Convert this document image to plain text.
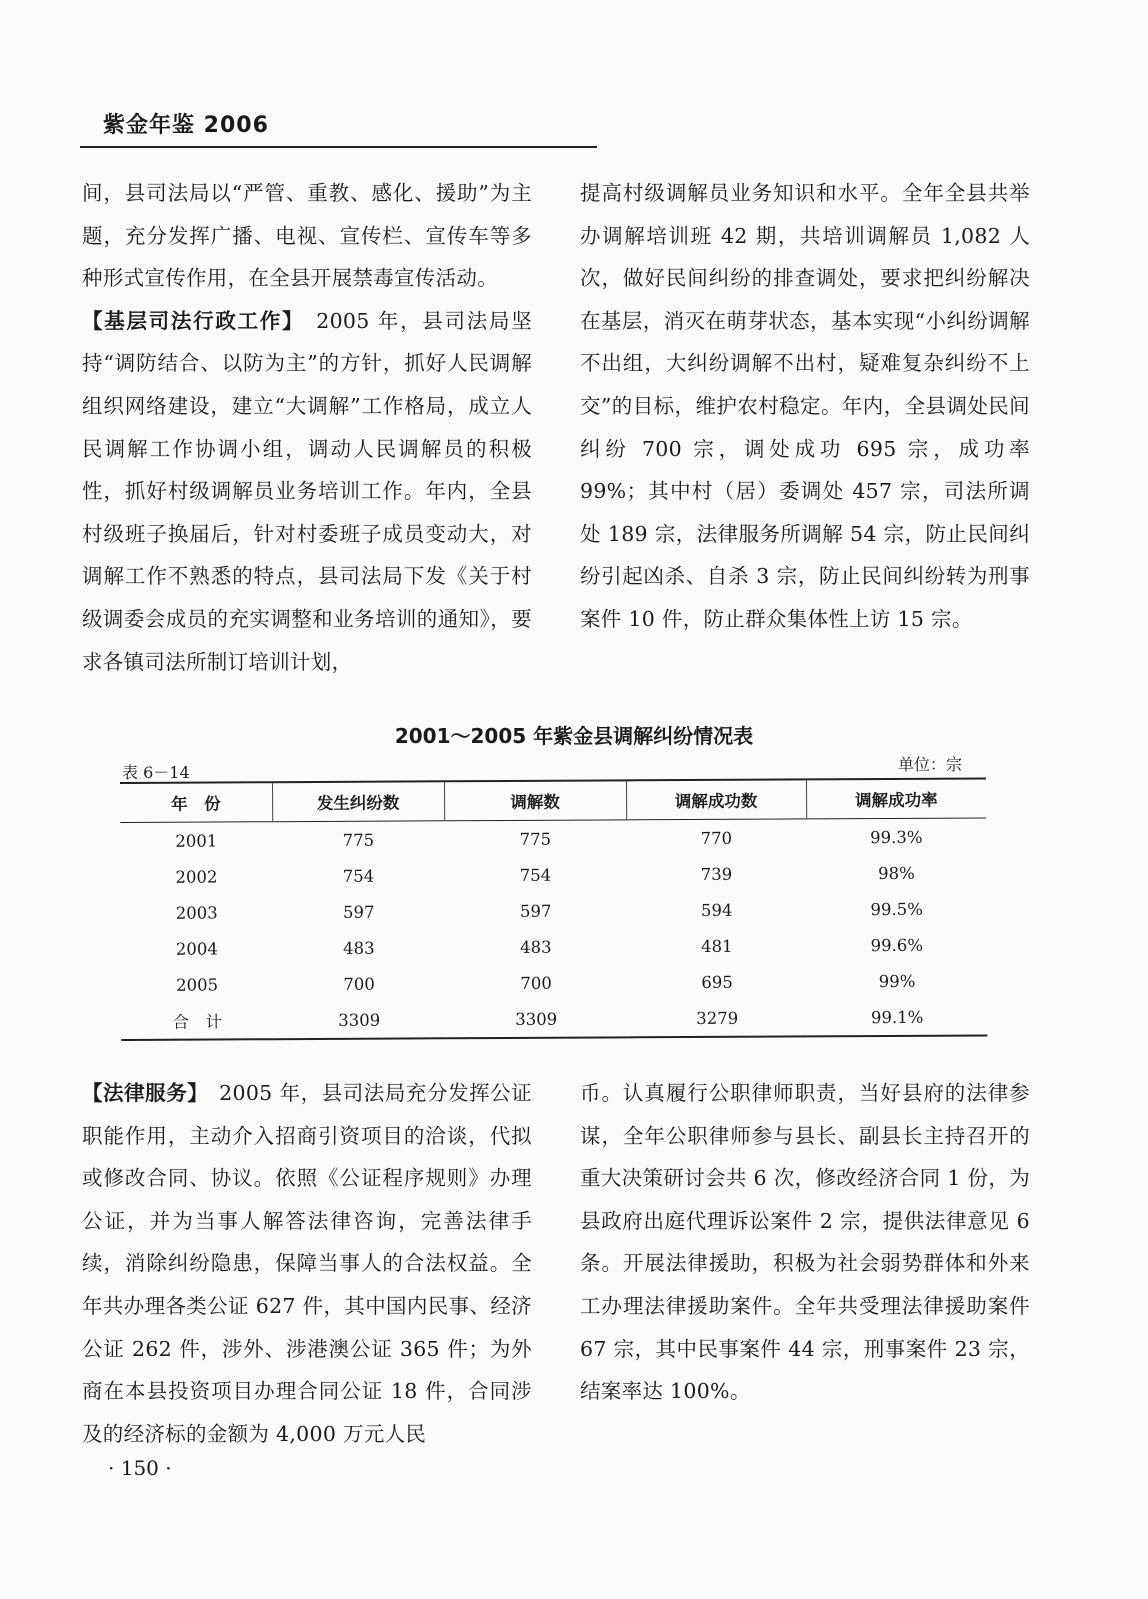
紫金年鉴 2006

间，县司法局以“严管、重教、感化、援助”为主题，充分发挥广播、电视、宣传栏、宣传车等多种形式宣传作用，在全县开展禁毒宣传活动。

【基层司法行政工作】　 2005 年，县司法局坚持“调防结合、以防为主”的方针，抓好人民调解组织网络建设，建立“大调解”工作格局，成立人民调解工作协调小组，调动人民调解员的积极性，抓好村级调解员业务培训工作。年内，全县村级班子换届后，针对村委班子成员变动大，对调解工作不熟悉的特点，县司法局下发《关于村级调委会成员的充实调整和业务培训的通知》，要求各镇司法所制订培训计划，

提高村级调解员业务知识和水平。全年全县共举办调解培训班 42 期，共培训调解员 1,082 人次，做好民间纠纷的排查调处，要求把纠纷解决在基层，消灭在萌芽状态，基本实现“小纠纷调解不出组，大纠纷调解不出村，疑难复杂纠纷不上交”的目标，维护农村稳定。年内，全县调处民间纠纷 700 宗，调处成功 695 宗，成功率 99%；其中村（居）委调处 457 宗，司法所调处 189 宗，法律服务所调解 54 宗，防止民间纠纷引起凶杀、自杀 3 宗，防止民间纠纷转为刑事案件 10 件，防止群众集体性上访 15 宗。

2001～2005 年紫金县调解纠纷情况表
表 6－14	单位：宗
年　份	发生纠纷数	调解数	调解成功数	调解成功率
2001	775	775	770	99.3%
2002	754	754	739	98%
2003	597	597	594	99.5%
2004	483	483	481	99.6%
2005	700	700	695	99%
合　计	3309	3309	3279	99.1%

【法律服务】　 2005 年，县司法局充分发挥公证职能作用，主动介入招商引资项目的洽谈，代拟或修改合同、协议。依照《公证程序规则》办理公证，并为当事人解答法律咨询，完善法律手续，消除纠纷隐患，保障当事人的合法权益。全年共办理各类公证 627 件，其中国内民事、经济公证 262 件，涉外、涉港澳公证 365 件；为外商在本县投资项目办理合同公证 18 件，合同涉及的经济标的金额为 4,000 万元人民

币。认真履行公职律师职责，当好县府的法律参谋，全年公职律师参与县长、副县长主持召开的重大决策研讨会共 6 次，修改经济合同 1 份，为县政府出庭代理诉讼案件 2 宗，提供法律意见 6 条。开展法律援助，积极为社会弱势群体和外来工办理法律援助案件。全年共受理法律援助案件 67 宗，其中民事案件 44 宗，刑事案件 23 宗，结案率达 100%。

· 150 ·
